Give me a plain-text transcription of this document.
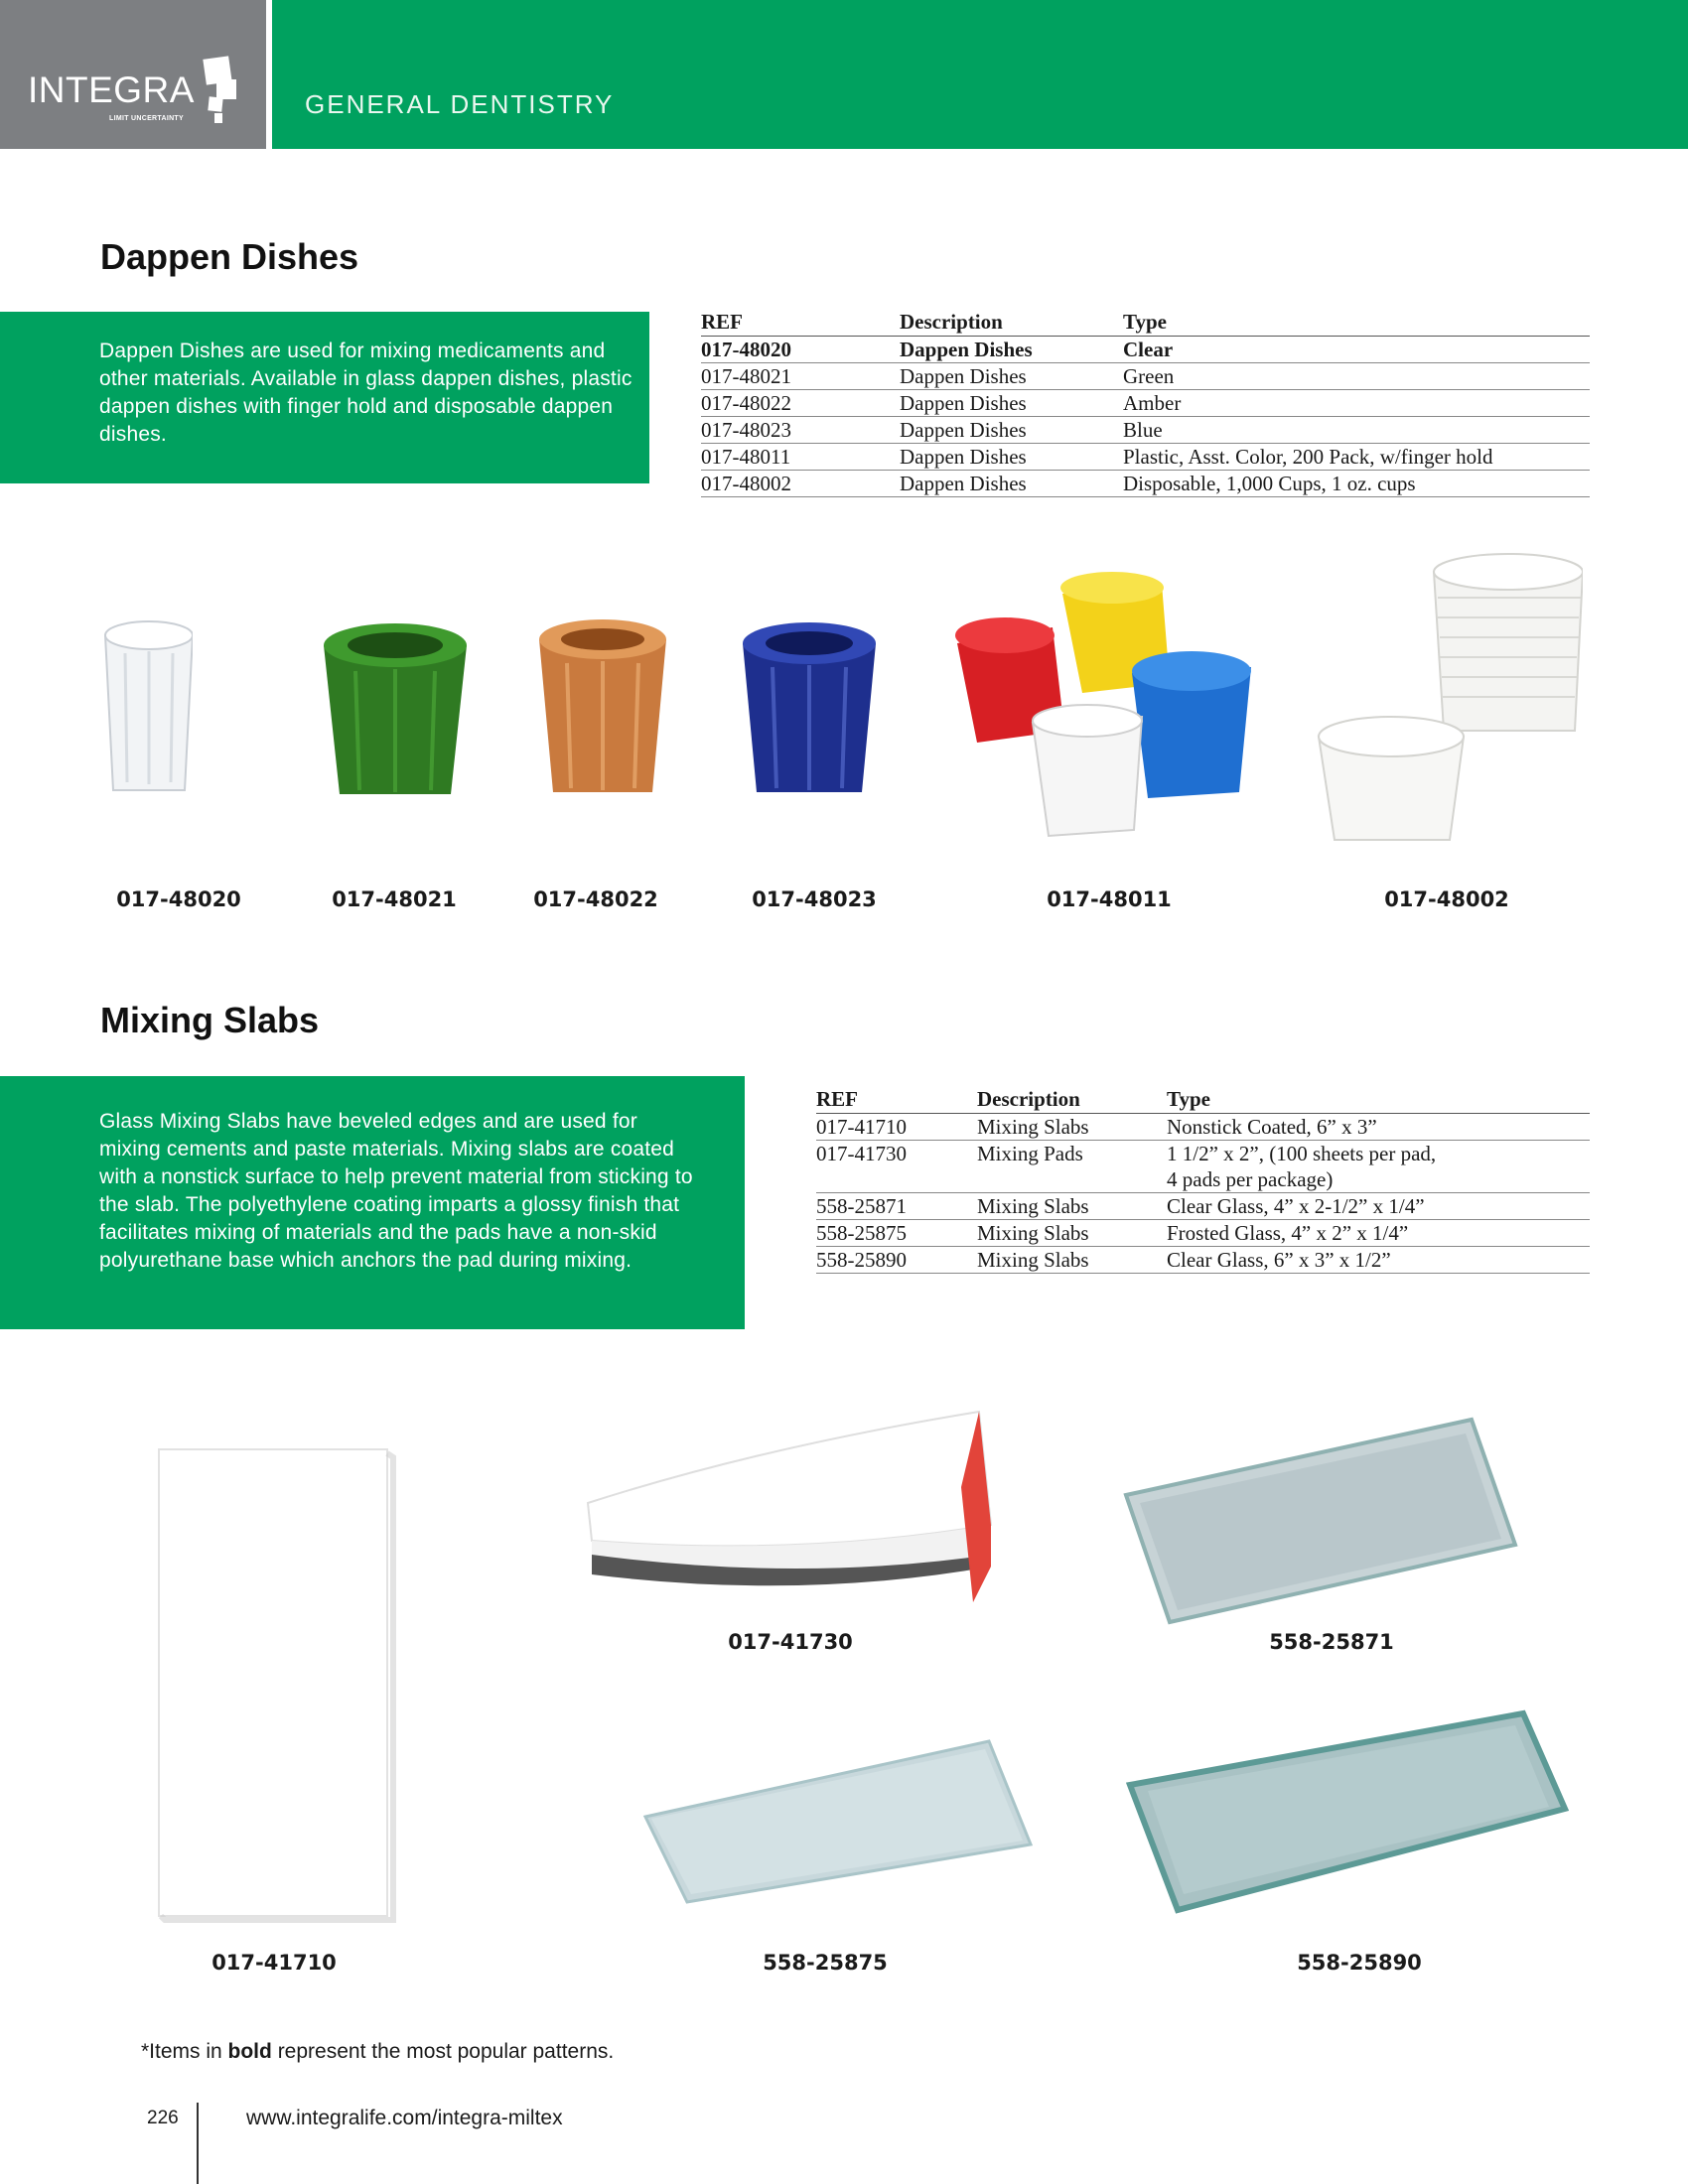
INTEGRA
LIMIT UNCERTAINTY	GENERAL DENTISTRY
Dappen Dishes

Dappen Dishes are used for mixing medicaments and other materials. Available in glass dappen dishes, plastic dappen dishes with finger hold and disposable dappen dishes.

REF	Description	Type
017-48020	Dappen Dishes	Clear
017-48021	Dappen Dishes	Green
017-48022	Dappen Dishes	Amber
017-48023	Dappen Dishes	Blue
017-48011	Dappen Dishes	Plastic, Asst. Color, 200 Pack, w/finger hold
017-48002	Dappen Dishes	Disposable, 1,000 Cups, 1 oz. cups
017-48020	017-48021	017-48022	017-48023	017-48011	017-48002
Mixing Slabs

Glass Mixing Slabs have beveled edges and are used for mixing cements and paste materials. Mixing slabs are coated with a nonstick surface to help prevent material from sticking to the slab. The polyethylene coating imparts a glossy finish that facilitates mixing of materials and the pads have a non-skid polyurethane base which anchors the pad during mixing.

REF	Description	Type
017-41710	Mixing Slabs	Nonstick Coated, 6” x 3”
017-41730	Mixing Pads	1 1/2” x 2”, (100 sheets per pad,
4 pads per package)
558-25871	Mixing Slabs	Clear Glass, 4” x 2-1/2” x 1/4”
558-25875	Mixing Slabs	Frosted Glass, 4” x 2” x 1/4”
558-25890	Mixing Slabs	Clear Glass, 6” x 3” x 1/2”
017-41730	558-25871
017-41710	558-25875	558-25890
*Items in bold represent the most popular patterns.
226	www.integralife.com/integra-miltex
